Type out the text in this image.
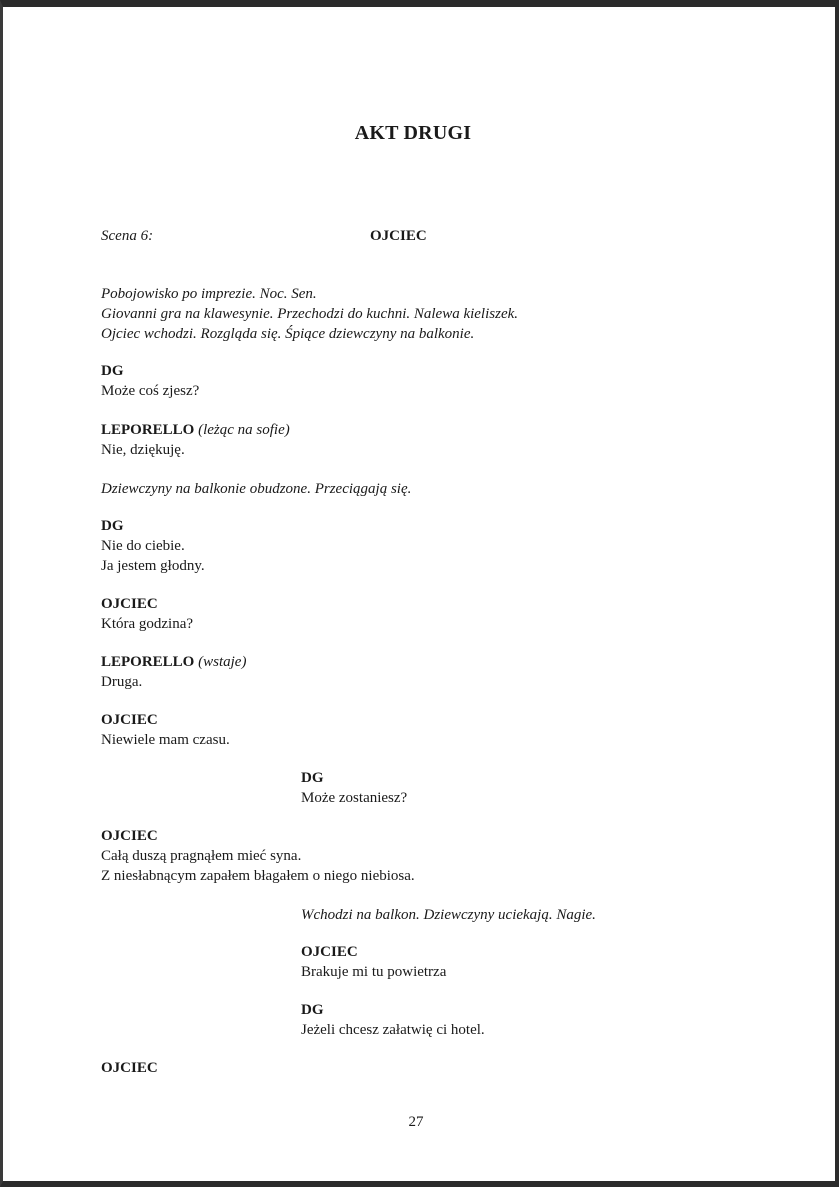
AKT DRUGI
Scena 6:	OJCIEC
Pobojowisko po imprezie. Noc. Sen.
Giovanni gra na klawesynie. Przechodzi do kuchni. Nalewa kieliszek.
Ojciec wchodzi. Rozgląda się. Śpiące dziewczyny na balkonie.
DG
Może coś zjesz?
LEPORELLO (leżąc na sofie)
Nie, dziękuję.
Dziewczyny na balkonie obudzone. Przeciągają się.
DG
Nie do ciebie.
Ja jestem głodny.
OJCIEC
Która godzina?
LEPORELLO (wstaje)
Druga.
OJCIEC
Niewiele mam czasu.
DG
Może zostaniesz?
OJCIEC
Całą duszą pragnąłem mieć syna.
Z niesłabnącym zapałem błagałem o niego niebiosa.
Wchodzi na balkon. Dziewczyny uciekają. Nagie.
OJCIEC
Brakuje mi tu powietrza
DG
Jeżeli chcesz załatwię ci hotel.
OJCIEC
27
